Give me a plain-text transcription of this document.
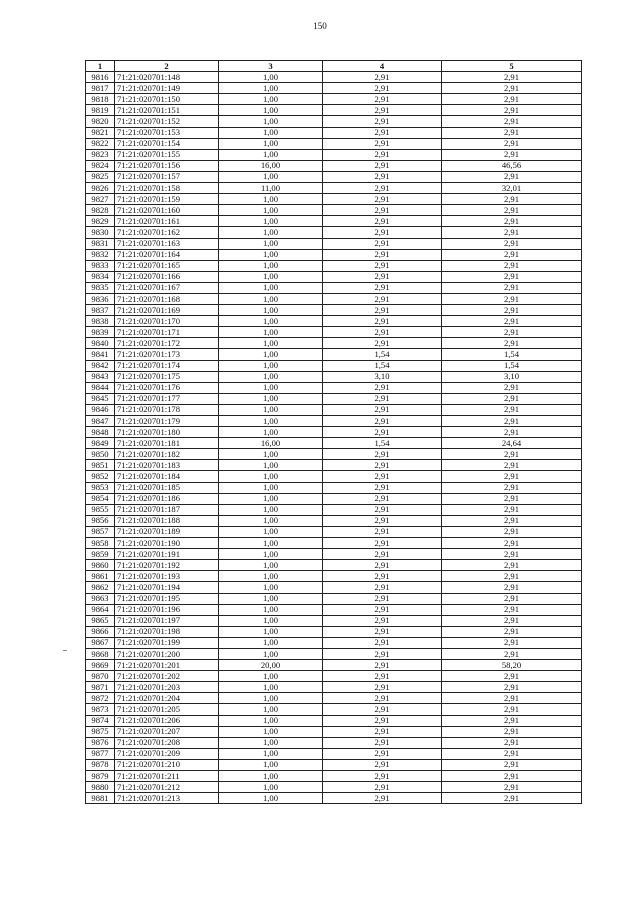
150
1	2	3	4	5
9816	71:21:020701:148	1,00	2,91	2,91
9817	71:21:020701:149	1,00	2,91	2,91
9818	71:21:020701:150	1,00	2,91	2,91
9819	71:21:020701:151	1,00	2,91	2,91
9820	71:21:020701:152	1,00	2,91	2,91
9821	71:21:020701:153	1,00	2,91	2,91
9822	71:21:020701:154	1,00	2,91	2,91
9823	71:21:020701:155	1,00	2,91	2,91
9824	71:21:020701:156	16,00	2,91	46,56
9825	71:21:020701:157	1,00	2,91	2,91
9826	71:21:020701:158	11,00	2,91	32,01
9827	71:21:020701:159	1,00	2,91	2,91
9828	71:21:020701:160	1,00	2,91	2,91
9829	71:21:020701:161	1,00	2,91	2,91
9830	71:21:020701:162	1,00	2,91	2,91
9831	71:21:020701:163	1,00	2,91	2,91
9832	71:21:020701:164	1,00	2,91	2,91
9833	71:21:020701:165	1,00	2,91	2,91
9834	71:21:020701:166	1,00	2,91	2,91
9835	71:21:020701:167	1,00	2,91	2,91
9836	71:21:020701:168	1,00	2,91	2,91
9837	71:21:020701:169	1,00	2,91	2,91
9838	71:21:020701:170	1,00	2,91	2,91
9839	71:21:020701:171	1,00	2,91	2,91
9840	71:21:020701:172	1,00	2,91	2,91
9841	71:21:020701:173	1,00	1,54	1,54
9842	71:21:020701:174	1,00	1,54	1,54
9843	71:21:020701:175	1,00	3,10	3,10
9844	71:21:020701:176	1,00	2,91	2,91
9845	71:21:020701:177	1,00	2,91	2,91
9846	71:21:020701:178	1,00	2,91	2,91
9847	71:21:020701:179	1,00	2,91	2,91
9848	71:21:020701:180	1,00	2,91	2,91
9849	71:21:020701:181	16,00	1,54	24,64
9850	71:21:020701:182	1,00	2,91	2,91
9851	71:21:020701:183	1,00	2,91	2,91
9852	71:21:020701:184	1,00	2,91	2,91
9853	71:21:020701:185	1,00	2,91	2,91
9854	71:21:020701:186	1,00	2,91	2,91
9855	71:21:020701:187	1,00	2,91	2,91
9856	71:21:020701:188	1,00	2,91	2,91
9857	71:21:020701:189	1,00	2,91	2,91
9858	71:21:020701:190	1,00	2,91	2,91
9859	71:21:020701:191	1,00	2,91	2,91
9860	71:21:020701:192	1,00	2,91	2,91
9861	71:21:020701:193	1,00	2,91	2,91
9862	71:21:020701:194	1,00	2,91	2,91
9863	71:21:020701:195	1,00	2,91	2,91
9864	71:21:020701:196	1,00	2,91	2,91
9865	71:21:020701:197	1,00	2,91	2,91
9866	71:21:020701:198	1,00	2,91	2,91
9867	71:21:020701:199	1,00	2,91	2,91
9868	71:21:020701:200	1,00	2,91	2,91
9869	71:21:020701:201	20,00	2,91	58,20
9870	71:21:020701:202	1,00	2,91	2,91
9871	71:21:020701:203	1,00	2,91	2,91
9872	71:21:020701:204	1,00	2,91	2,91
9873	71:21:020701:205	1,00	2,91	2,91
9874	71:21:020701:206	1,00	2,91	2,91
9875	71:21:020701:207	1,00	2,91	2,91
9876	71:21:020701:208	1,00	2,91	2,91
9877	71:21:020701:209	1,00	2,91	2,91
9878	71:21:020701:210	1,00	2,91	2,91
9879	71:21:020701:211	1,00	2,91	2,91
9880	71:21:020701:212	1,00	2,91	2,91
9881	71:21:020701:213	1,00	2,91	2,91
